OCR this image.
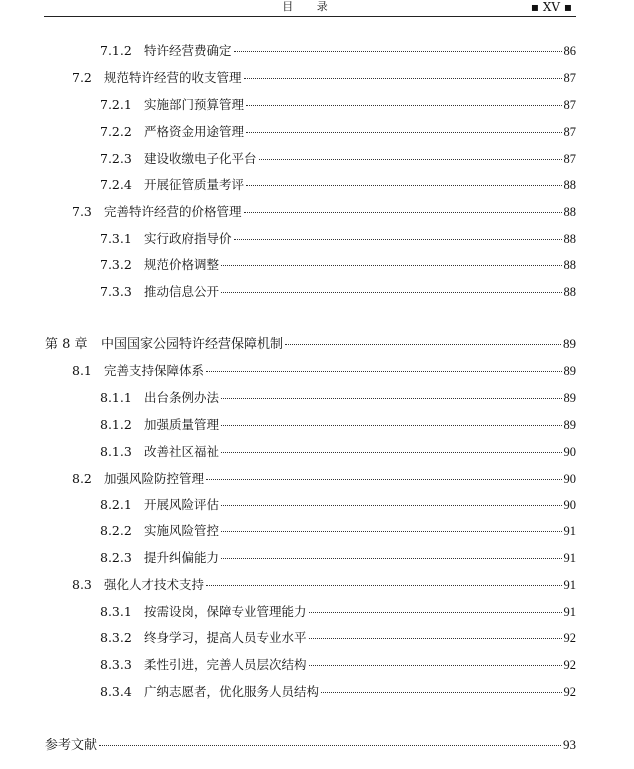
目 录	▪ XV ▪
7.1.2 特许经营费确定	86
7.2 规范特许经营的收支管理	87
7.2.1 实施部门预算管理	87
7.2.2 严格资金用途管理	87
7.2.3 建设收缴电子化平台	87
7.2.4 开展征管质量考评	88
7.3 完善特许经营的价格管理	88
7.3.1 实行政府指导价	88
7.3.2 规范价格调整	88
7.3.3 推动信息公开	88
第 8 章	中国国家公园特许经营保障机制	89
8.1 完善支持保障体系	89
8.1.1 出台条例办法	89
8.1.2 加强质量管理	89
8.1.3 改善社区福祉	90
8.2 加强风险防控管理	90
8.2.1 开展风险评估	90
8.2.2 实施风险管控	91
8.2.3 提升纠偏能力	91
8.3 强化人才技术支持	91
8.3.1 按需设岗，保障专业管理能力	91
8.3.2 终身学习，提高人员专业水平	92
8.3.3 柔性引进，完善人员层次结构	92
8.3.4 广纳志愿者，优化服务人员结构	92
参考文献	93
